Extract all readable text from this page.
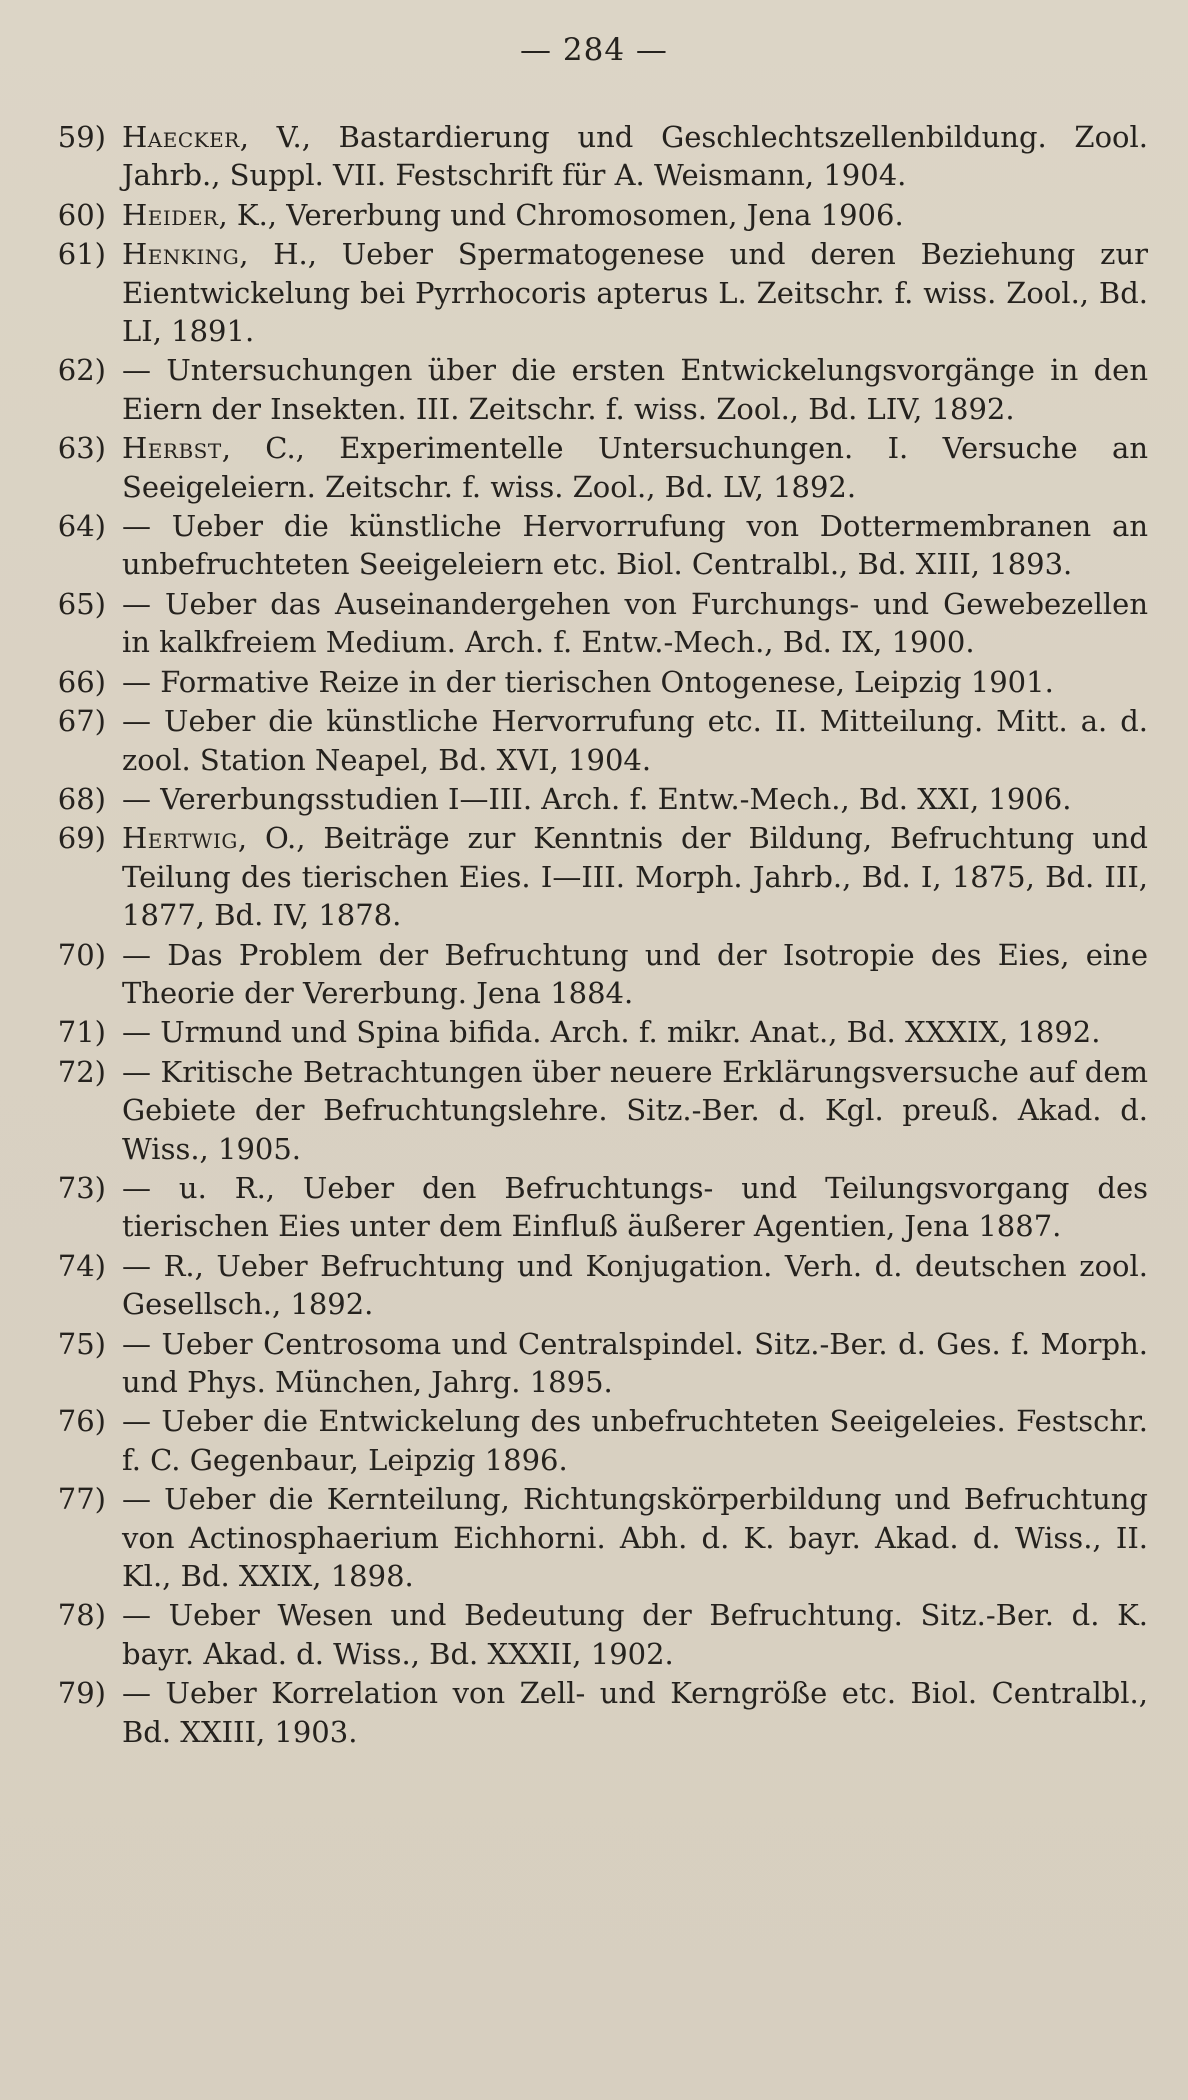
— 284 —
59) Haecker, V., Bastardierung und Geschlechtszellenbildung. Zool. Jahrb., Suppl. VII. Festschrift für A. Weismann, 1904.
60) Heider, K., Vererbung und Chromosomen, Jena 1906.
61) Henking, H., Ueber Spermatogenese und deren Beziehung zur Eientwickelung bei Pyrrhocoris apterus L. Zeitschr. f. wiss. Zool., Bd. LI, 1891.
62) — Untersuchungen über die ersten Entwickelungsvorgänge in den Eiern der Insekten. III. Zeitschr. f. wiss. Zool., Bd. LIV, 1892.
63) Herbst, C., Experimentelle Untersuchungen. I. Versuche an Seeigeleiern. Zeitschr. f. wiss. Zool., Bd. LV, 1892.
64) — Ueber die künstliche Hervorrufung von Dottermembranen an unbefruchteten Seeigeleiern etc. Biol. Centralbl., Bd. XIII, 1893.
65) — Ueber das Auseinandergehen von Furchungs- und Gewebezellen in kalkfreiem Medium. Arch. f. Entw.-Mech., Bd. IX, 1900.
66) — Formative Reize in der tierischen Ontogenese, Leipzig 1901.
67) — Ueber die künstliche Hervorrufung etc. II. Mitteilung. Mitt. a. d. zool. Station Neapel, Bd. XVI, 1904.
68) — Vererbungsstudien I—III. Arch. f. Entw.-Mech., Bd. XXI, 1906.
69) Hertwig, O., Beiträge zur Kenntnis der Bildung, Befruchtung und Teilung des tierischen Eies. I—III. Morph. Jahrb., Bd. I, 1875, Bd. III, 1877, Bd. IV, 1878.
70) — Das Problem der Befruchtung und der Isotropie des Eies, eine Theorie der Vererbung. Jena 1884.
71) — Urmund und Spina bifida. Arch. f. mikr. Anat., Bd. XXXIX, 1892.
72) — Kritische Betrachtungen über neuere Erklärungsversuche auf dem Gebiete der Befruchtungslehre. Sitz.-Ber. d. Kgl. preuß. Akad. d. Wiss., 1905.
73) — u. R., Ueber den Befruchtungs- und Teilungsvorgang des tierischen Eies unter dem Einfluß äußerer Agentien, Jena 1887.
74) — R., Ueber Befruchtung und Konjugation. Verh. d. deutschen zool. Gesellsch., 1892.
75) — Ueber Centrosoma und Centralspindel. Sitz.-Ber. d. Ges. f. Morph. und Phys. München, Jahrg. 1895.
76) — Ueber die Entwickelung des unbefruchteten Seeigeleies. Festschr. f. C. Gegenbaur, Leipzig 1896.
77) — Ueber die Kernteilung, Richtungskörperbildung und Befruchtung von Actinosphaerium Eichhorni. Abh. d. K. bayr. Akad. d. Wiss., II. Kl., Bd. XXIX, 1898.
78) — Ueber Wesen und Bedeutung der Befruchtung. Sitz.-Ber. d. K. bayr. Akad. d. Wiss., Bd. XXXII, 1902.
79) — Ueber Korrelation von Zell- und Kerngröße etc. Biol. Centralbl., Bd. XXIII, 1903.
